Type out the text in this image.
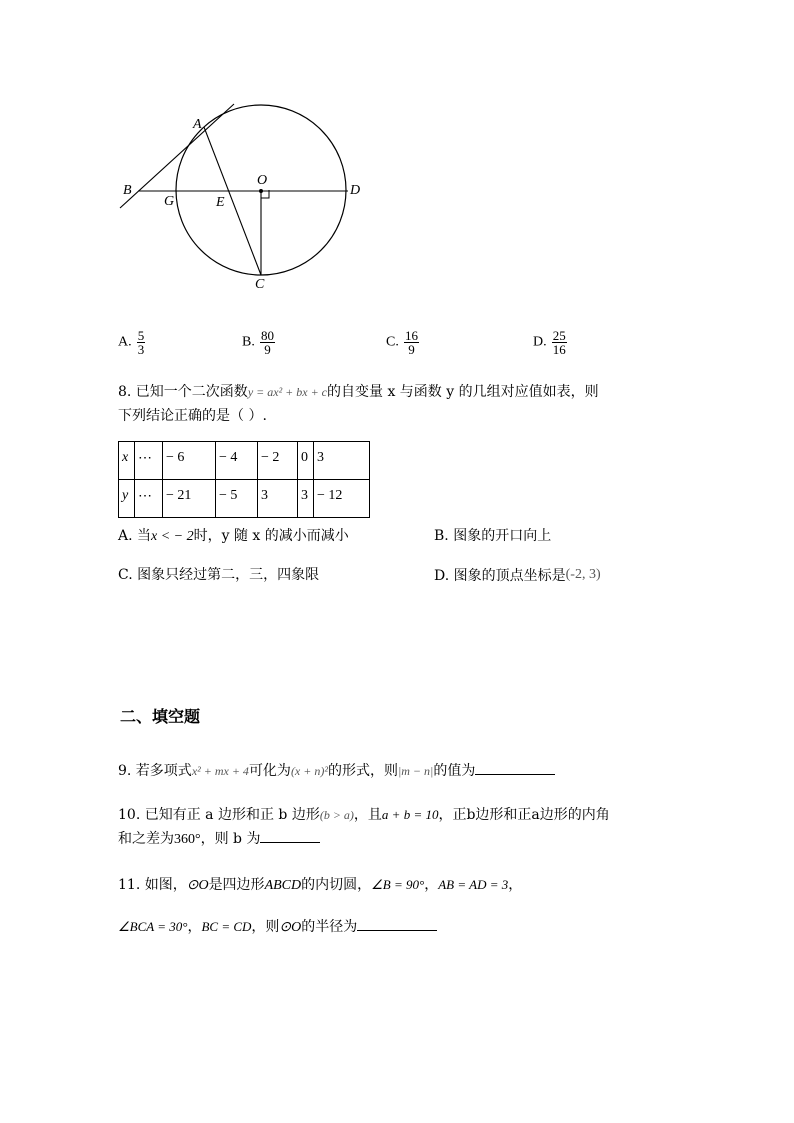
A
B
G	E
O
D
C
A. $\frac{5}{3}$	B. $\frac{80}{9}$	C. $\frac{16}{9}$	D. $\frac{25}{16}$
8. 已知一个二次函数y = ax² + bx + c的自变量 x 与函数 y 的几组对应值如表，则
下列结论正确的是（ ）.
x	⋯	− 6	− 4	− 2	0	3
y	⋯	− 21	− 5	3	3	− 12
A. 当x < − 2时，y 随 x 的减小而减小	B. 图象的开口向上
C. 图象只经过第二，三，四象限	D. 图象的顶点坐标是(-2, 3)
二、填空题
9. 若多项式x² + mx + 4可化为(x + n)²的形式，则|m − n|的值为
10. 已知有正 a 边形和正 b 边形(b > a)，且a + b = 10，正b边形和正a边形的内角
和之差为360°，则 b 为
11. 如图，⊙O是四边形ABCD的内切圆，∠B = 90°，AB = AD = 3，
∠BCA = 30°，BC = CD，则⊙O的半径为
